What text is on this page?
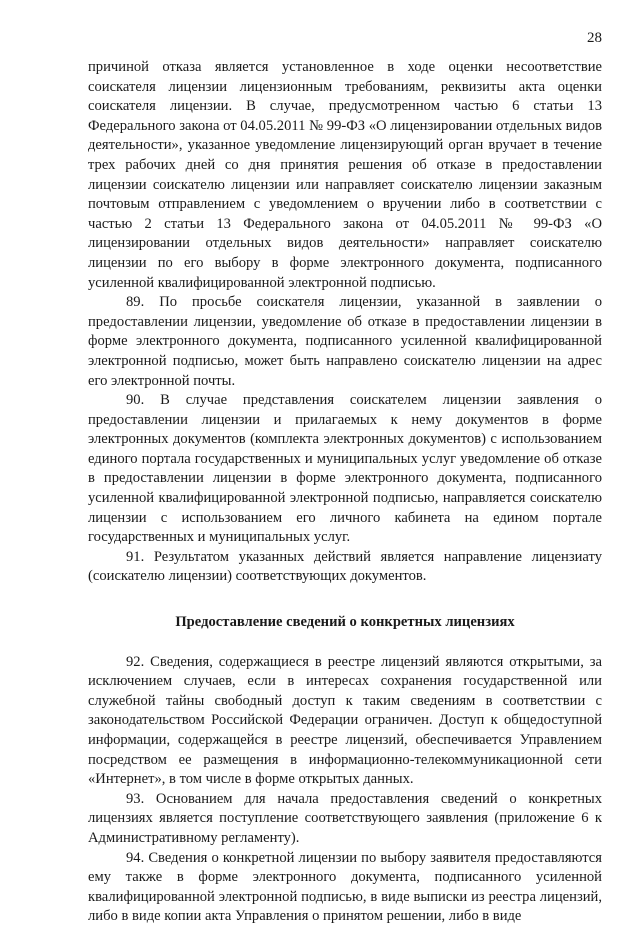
28

причиной отказа является установленное в ходе оценки несоответствие соискателя лицензии лицензионным требованиям, реквизиты акта оценки соискателя лицензии. В случае, предусмотренном частью 6 статьи 13 Федерального закона от 04.05.2011 № 99-ФЗ «О лицензировании отдельных видов деятельности», указанное уведомление лицензирующий орган вручает в течение трех рабочих дней со дня принятия решения об отказе в предоставлении лицензии соискателю лицензии или направляет соискателю лицензии заказным почтовым отправлением с уведомлением о вручении либо в соответствии с частью 2 статьи 13 Федерального закона от 04.05.2011 № 99-ФЗ «О лицензировании отдельных видов деятельности» направляет соискателю лицензии по его выбору в форме электронного документа, подписанного усиленной квалифицированной электронной подписью.

89. По просьбе соискателя лицензии, указанной в заявлении о предоставлении лицензии, уведомление об отказе в предоставлении лицензии в форме электронного документа, подписанного усиленной квалифицированной электронной подписью, может быть направлено соискателю лицензии на адрес его электронной почты.

90. В случае представления соискателем лицензии заявления о предоставлении лицензии и прилагаемых к нему документов в форме электронных документов (комплекта электронных документов) с использованием единого портала государственных и муниципальных услуг уведомление об отказе в предоставлении лицензии в форме электронного документа, подписанного усиленной квалифицированной электронной подписью, направляется соискателю лицензии с использованием его личного кабинета на едином портале государственных и муниципальных услуг.

91. Результатом указанных действий является направление лицензиату (соискателю лицензии) соответствующих документов.

Предоставление сведений о конкретных лицензиях

92. Сведения, содержащиеся в реестре лицензий являются открытыми, за исключением случаев, если в интересах сохранения государственной или служебной тайны свободный доступ к таким сведениям в соответствии с законодательством Российской Федерации ограничен. Доступ к общедоступной информации, содержащейся в реестре лицензий, обеспечивается Управлением посредством ее размещения в информационно-телекоммуникационной сети «Интернет», в том числе в форме открытых данных.

93. Основанием для начала предоставления сведений о конкретных лицензиях является поступление соответствующего заявления (приложение 6 к Административному регламенту).

94. Сведения о конкретной лицензии по выбору заявителя предоставляются ему также в форме электронного документа, подписанного усиленной квалифицированной электронной подписью, в виде выписки из реестра лицензий, либо в виде копии акта Управления о принятом решении, либо в виде
